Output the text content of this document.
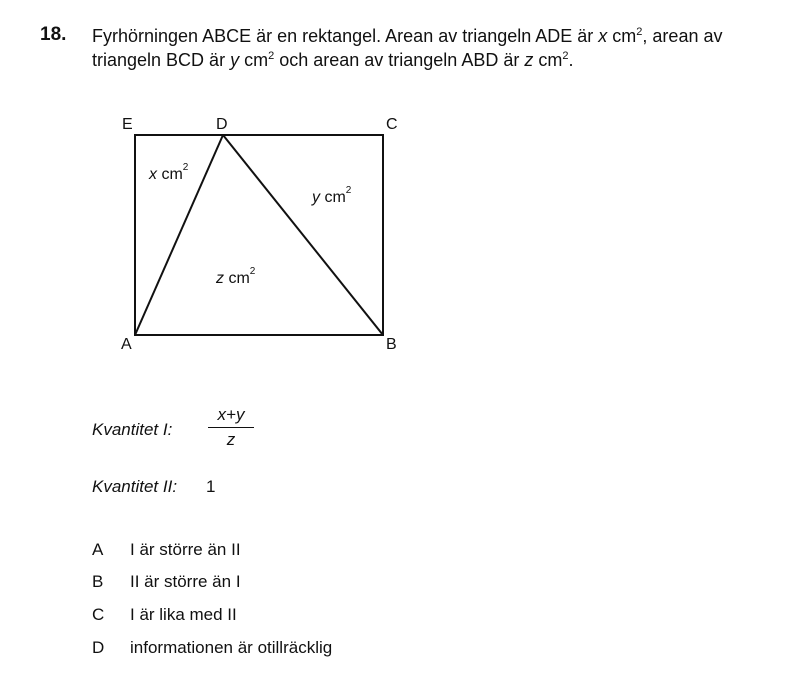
18. Fyrhörningen ABCE är en rektangel. Arean av triangeln ADE är x $cm^2$, arean av
triangeln BCD är y $cm^2$ och arean av triangeln ABD är z $cm^2$.
E	D	C
A	B
x $cm^2$
y $cm^2$
z $cm^2$
Kvantitet I: $\frac{x+y}{z}$
Kvantitet II: 1
A I är större än II
B II är större än I
C I är lika med II
D informationen är otillräcklig
